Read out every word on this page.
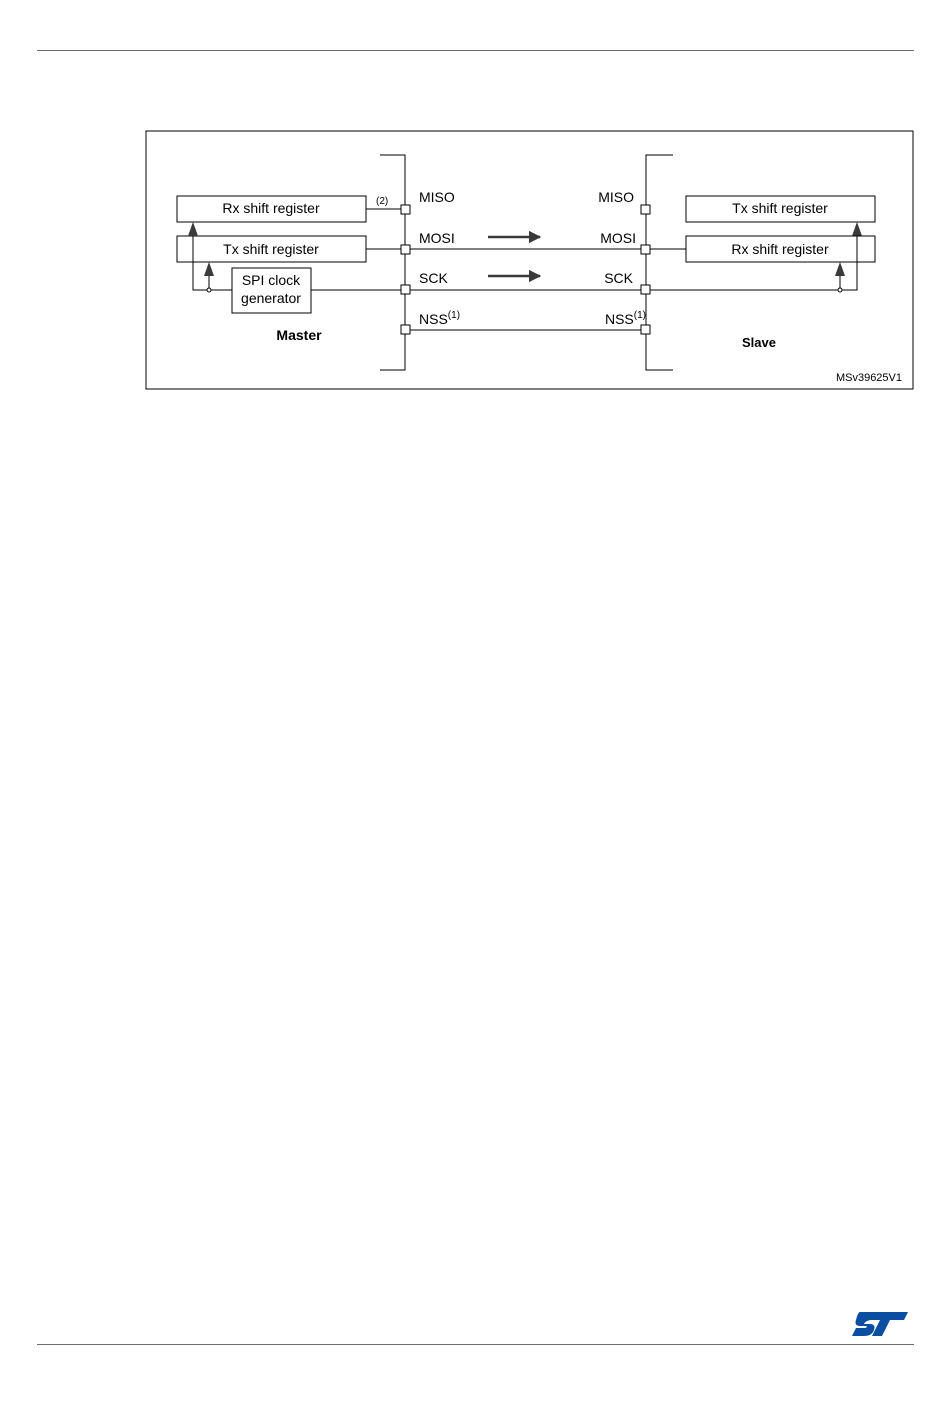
Rx shift register
Tx shift register
SPI clock
generator
(2) MISO
MOSI
SCK
NSS$^{(1)}$
MISO
MOSI
SCK
NSS$^{(1)}$
Tx shift register
Rx shift register
Master	Slave
MSv39625V1
